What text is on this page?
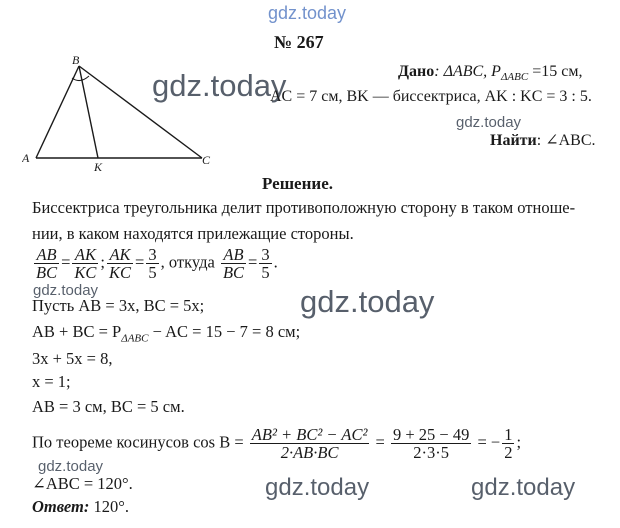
gdz.today
gdz.today
gdz.today
gdz.today
gdz.today
gdz.today
gdz.today	gdz.today
№ 267
B
A	C
K
Дано: ΔABC, $P_{\Delta ABC} =15$ см,
AC = 7 см, BK — биссектриса, AK : KC = 3 : 5.
Найти: ∠ABC.
Решение.
Биссектриса треугольника делит противоположную сторону в таком отноше-
нии, в каком находятся прилежащие стороны.
$\frac{AB}{BC} = \frac{AK}{KC}$ ; $\frac{AK}{KC} = \frac{3}{5}$ , откуда $\frac{AB}{BC} = \frac{3}{5}$ .
Пусть AB = 3x, BC = 5x;
AB + BC = $P_{\Delta ABC}$ − AC = 15 − 7 = 8 см;
3x + 5x = 8,
x = 1;
AB = 3 см, BC = 5 см.
По теореме косинусов $\cos B = \frac{\text{AB² + BC² − AC²}}{2\cdot AB\cdot BC} = \frac{9 + 25 - 49}{2\cdot 3\cdot 5}$ = − $\frac{1}{2}$ ;
∠ABC = 120°.
Ответ: 120°.
